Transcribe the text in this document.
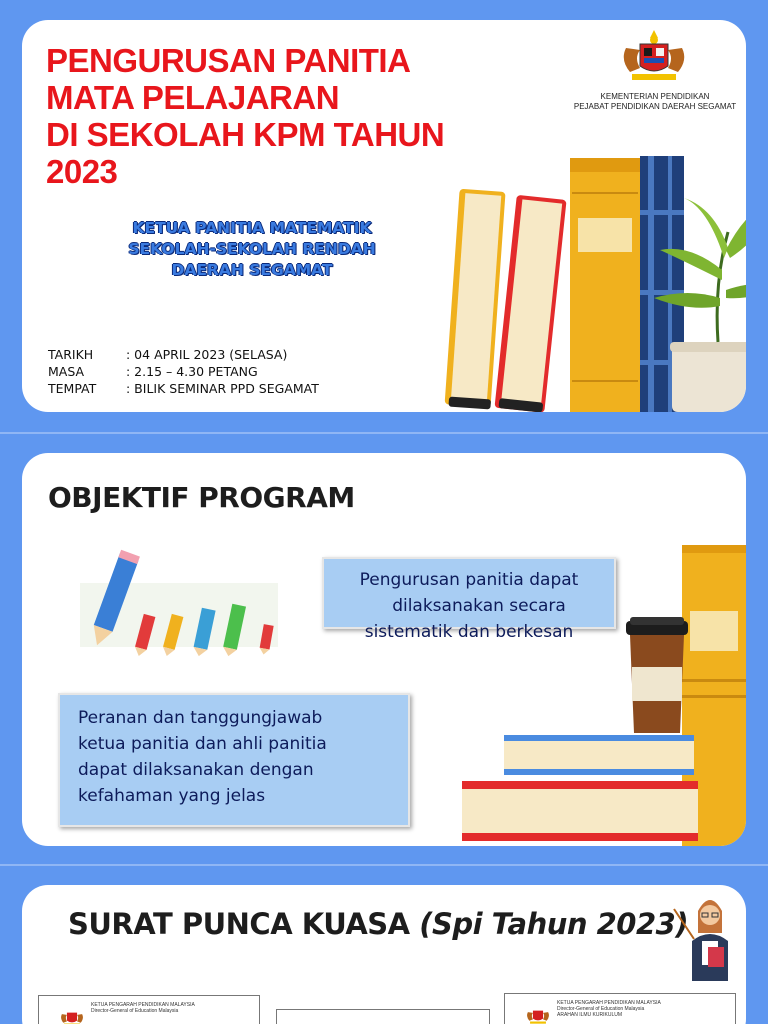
PENGURUSAN PANITIA
MATA PELAJARAN
DI SEKOLAH KPM TAHUN
2023
KETUA PANITIA MATEMATIK
SEKOLAH-SEKOLAH RENDAH
DAERAH SEGAMAT
TARIKH	: 04 APRIL 2023 (SELASA)
MASA	: 2.15 – 4.30 PETANG
TEMPAT	: BILIK SEMINAR PPD SEGAMAT
KEMENTERIAN PENDIDIKAN
PEJABAT PENDIDIKAN DAERAH SEGAMAT
OBJEKTIF PROGRAM
Pengurusan panitia dapat
dilaksanakan secara
sistematik dan berkesan
Peranan dan tanggungjawab
ketua panitia dan ahli panitia
dapat dilaksanakan dengan
kefahaman yang jelas
SURAT PUNCA KUASA (Spi Tahun 2023)
KETUA PENGARAH PENDIDIKAN MALAYSIA
Director-General of Education Malaysia
KETUA PENGARAH PENDIDIKAN MALAYSIA
Director-General of Education Malaysia
ARAHAN ILMU KURIKULUM
